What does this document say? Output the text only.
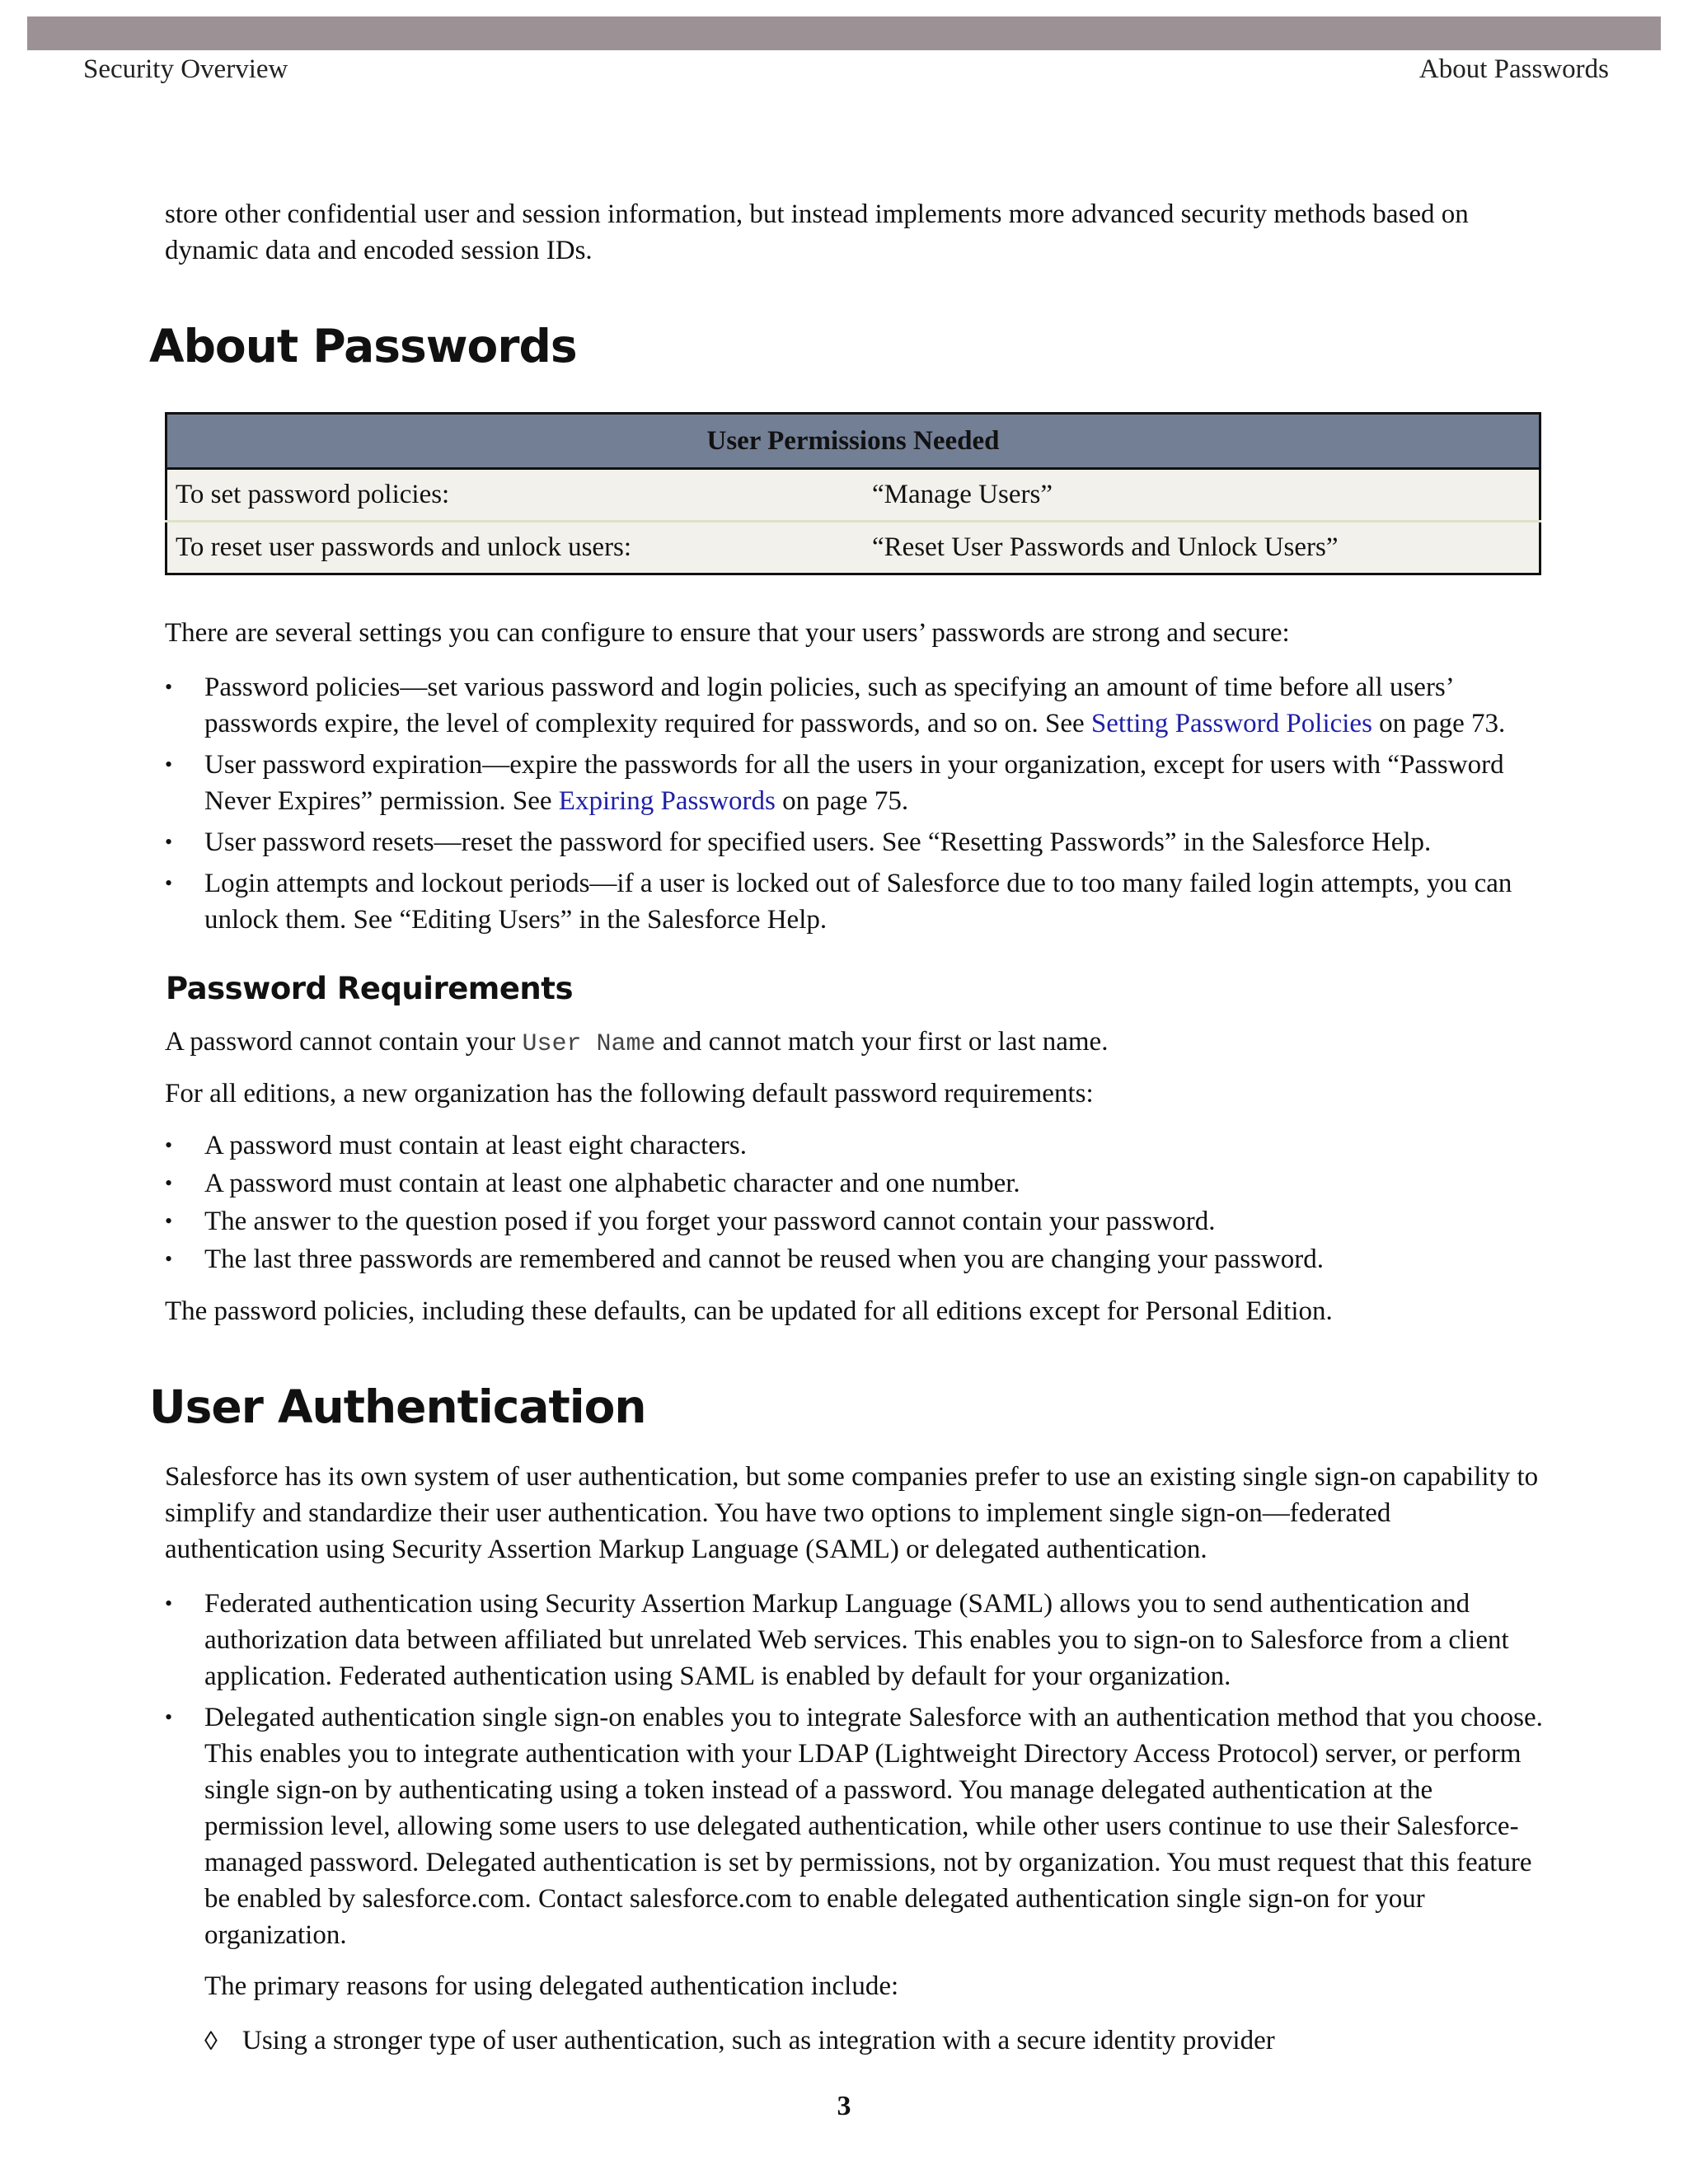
Security Overview	About Passwords

store other confidential user and session information, but instead implements more advanced security methods based on dynamic data and encoded session IDs.

About Passwords
User Permissions Needed	
To set password policies:	“Manage Users”
To reset user passwords and unlock users:	“Reset User Passwords and Unlock Users”

There are several settings you can configure to ensure that your users’ passwords are strong and secure:

• Password policies—set various password and login policies, such as specifying an amount of time before all users’ passwords expire, the level of complexity required for passwords, and so on. See Setting Password Policies on page 73.
• User password expiration—expire the passwords for all the users in your organization, except for users with “Password Never Expires” permission. See Expiring Passwords on page 75.
• User password resets—reset the password for specified users. See “Resetting Passwords” in the Salesforce Help.
• Login attempts and lockout periods—if a user is locked out of Salesforce due to too many failed login attempts, you can unlock them. See “Editing Users” in the Salesforce Help.
Password Requirements

A password cannot contain your User Name and cannot match your first or last name.

For all editions, a new organization has the following default password requirements:

• A password must contain at least eight characters.
• A password must contain at least one alphabetic character and one number.
• The answer to the question posed if you forget your password cannot contain your password.
• The last three passwords are remembered and cannot be reused when you are changing your password.

The password policies, including these defaults, can be updated for all editions except for Personal Edition.

User Authentication

Salesforce has its own system of user authentication, but some companies prefer to use an existing single sign-on capability to simplify and standardize their user authentication. You have two options to implement single sign-on—federated authentication using Security Assertion Markup Language (SAML) or delegated authentication.

• Federated authentication using Security Assertion Markup Language (SAML) allows you to send authentication and authorization data between affiliated but unrelated Web services. This enables you to sign-on to Salesforce from a client application. Federated authentication using SAML is enabled by default for your organization.
• Delegated authentication single sign-on enables you to integrate Salesforce with an authentication method that you choose. This enables you to integrate authentication with your LDAP (Lightweight Directory Access Protocol) server, or perform single sign-on by authenticating using a token instead of a password. You manage delegated authentication at the permission level, allowing some users to use delegated authentication, while other users continue to use their Salesforce-managed password. Delegated authentication is set by permissions, not by organization. You must request that this feature be enabled by salesforce.com. Contact salesforce.com to enable delegated authentication single sign-on for your organization.

The primary reasons for using delegated authentication include:

◊ Using a stronger type of user authentication, such as integration with a secure identity provider
3
